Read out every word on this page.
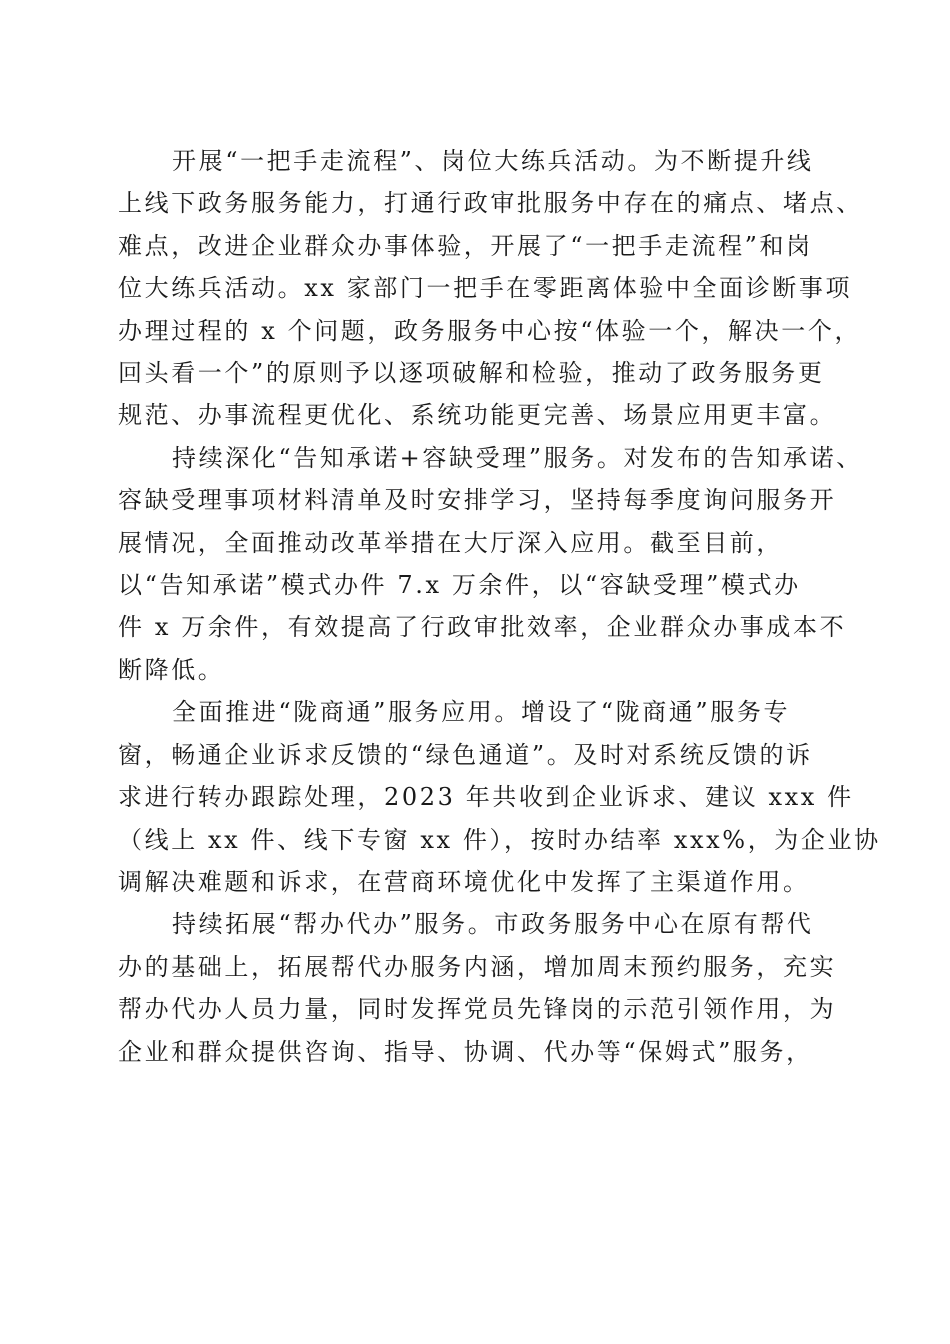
开展“一把手走流程”、岗位大练兵活动。为不断提升线
上线下政务服务能力，打通行政审批服务中存在的痛点、堵点、
难点，改进企业群众办事体验，开展了“一把手走流程”和岗
位大练兵活动。xx 家部门一把手在零距离体验中全面诊断事项
办理过程的 x 个问题，政务服务中心按“体验一个，解决一个，
回头看一个”的原则予以逐项破解和检验，推动了政务服务更
规范、办事流程更优化、系统功能更完善、场景应用更丰富。

持续深化“告知承诺+容缺受理”服务。对发布的告知承诺、
容缺受理事项材料清单及时安排学习，坚持每季度询问服务开
展情况，全面推动改革举措在大厅深入应用。截至目前，
以“告知承诺”模式办件 7.x 万余件，以“容缺受理”模式办
件 x 万余件，有效提高了行政审批效率，企业群众办事成本不
断降低。

全面推进“陇商通”服务应用。增设了“陇商通”服务专
窗，畅通企业诉求反馈的“绿色通道”。及时对系统反馈的诉
求进行转办跟踪处理，2023 年共收到企业诉求、建议 xxx 件
（线上 xx 件、线下专窗 xx 件），按时办结率 xxx%，为企业协
调解决难题和诉求，在营商环境优化中发挥了主渠道作用。

持续拓展“帮办代办”服务。市政务服务中心在原有帮代
办的基础上，拓展帮代办服务内涵，增加周末预约服务，充实
帮办代办人员力量，同时发挥党员先锋岗的示范引领作用，为
企业和群众提供咨询、指导、协调、代办等“保姆式”服务，
